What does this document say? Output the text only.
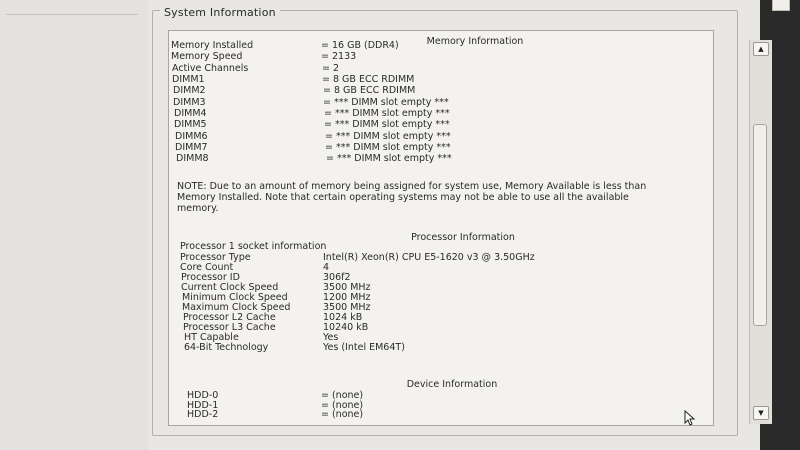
System Information
Memory Information
Memory Installed	= 16 GB (DDR4)
Memory Speed	= 2133
Active Channels	= 2
DIMM1	= 8 GB ECC RDIMM
DIMM2	= 8 GB ECC RDIMM
DIMM3	= *** DIMM slot empty ***
DIMM4	= *** DIMM slot empty ***
DIMM5	= *** DIMM slot empty ***
DIMM6	= *** DIMM slot empty ***
DIMM7	= *** DIMM slot empty ***
DIMM8	= *** DIMM slot empty ***
NOTE: Due to an amount of memory being assigned for system use, Memory Available is less than Memory Installed. Note that certain operating systems may not be able to use all the available memory.
Processor Information
Processor 1 socket information
Processor Type	Intel(R) Xeon(R) CPU E5-1620 v3 @ 3.50GHz
Core Count	4
Processor ID	306f2
Current Clock Speed	3500 MHz
Minimum Clock Speed	1200 MHz
Maximum Clock Speed	3500 MHz
Processor L2 Cache	1024 kB
Processor L3 Cache	10240 kB
HT Capable	Yes
64-Bit Technology	Yes (Intel EM64T)
Device Information
HDD-0	= (none)
HDD-1	= (none)
HDD-2	= (none)
▲
▼
